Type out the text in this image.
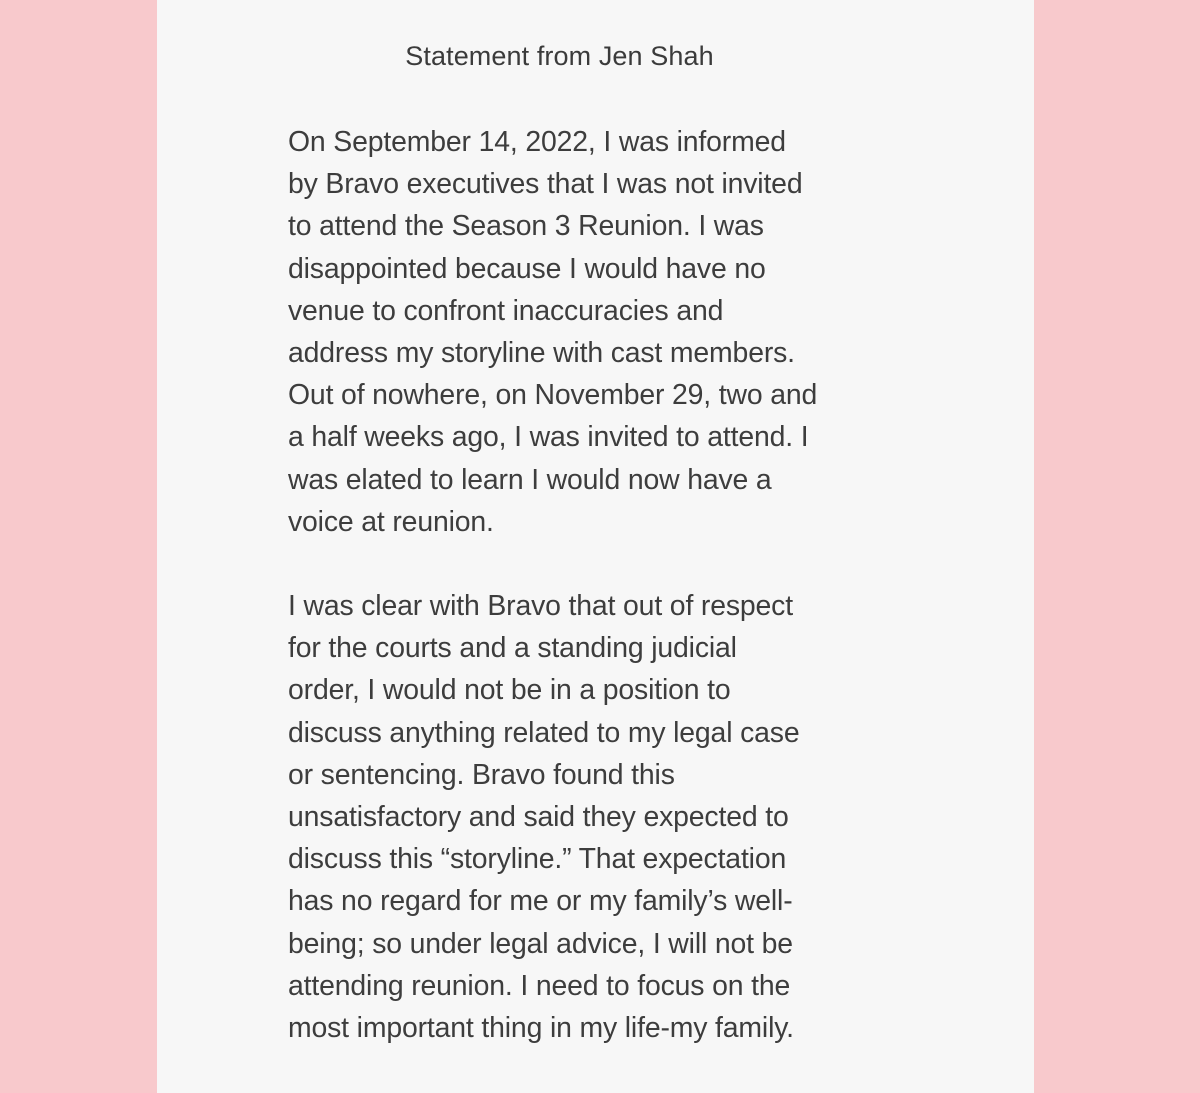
Statement from Jen Shah
On September 14, 2022, I was informed
by Bravo executives that I was not invited
to attend the Season 3 Reunion. I was
disappointed because I would have no
venue to confront inaccuracies and
address my storyline with cast members.
Out of nowhere, on November 29, two and
a half weeks ago, I was invited to attend. I
was elated to learn I would now have a
voice at reunion.
I was clear with Bravo that out of respect
for the courts and a standing judicial
order, I would not be in a position to
discuss anything related to my legal case
or sentencing. Bravo found this
unsatisfactory and said they expected to
discuss this “storyline.” That expectation
has no regard for me or my family’s well-
being; so under legal advice, I will not be
attending reunion. I need to focus on the
most important thing in my life-my family.
